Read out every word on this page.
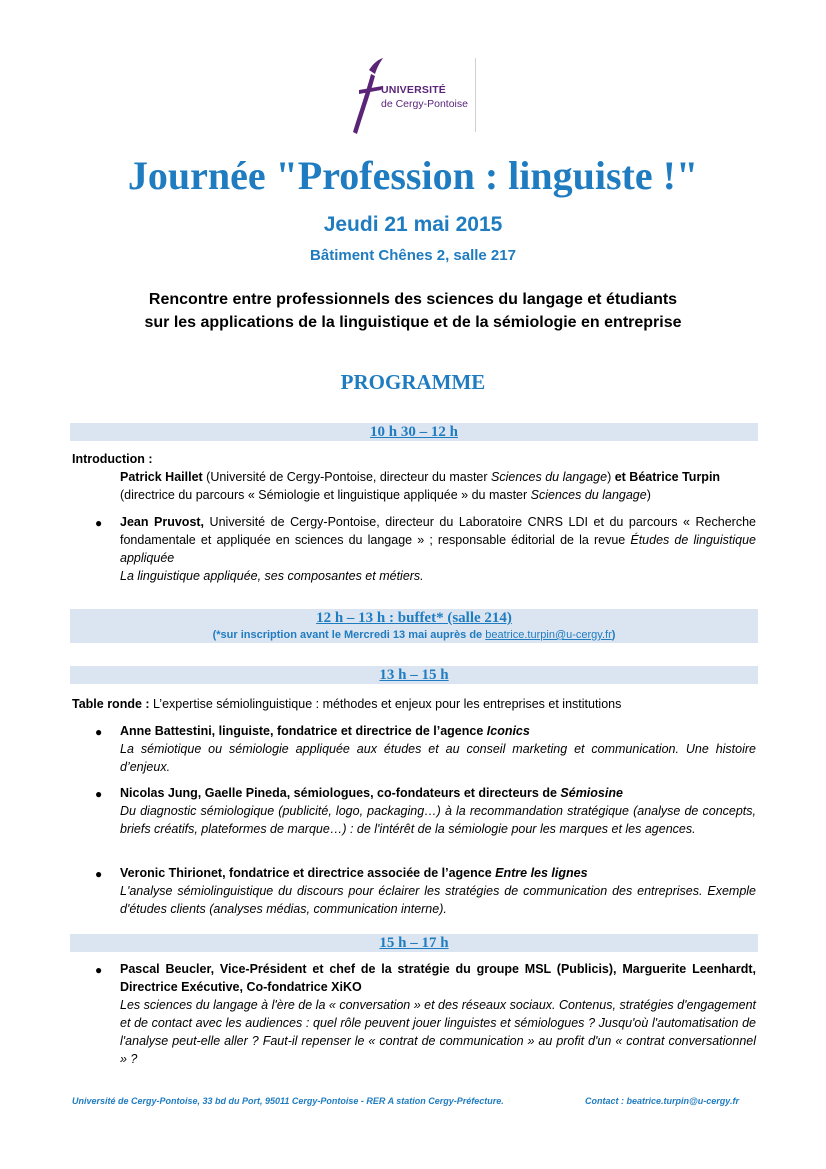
UNIVERSITÉ
de Cergy-Pontoise
Journée "Profession : linguiste !"
Jeudi 21 mai 2015
Bâtiment Chênes 2, salle 217
Rencontre entre professionnels des sciences du langage et étudiants
sur les applications de la linguistique et de la sémiologie en entreprise
PROGRAMME
10 h 30 – 12 h
Introduction :
Patrick Haillet (Université de Cergy-Pontoise, directeur du master Sciences du langage) et Béatrice Turpin
(directrice du parcours « Sémiologie et linguistique appliquée » du master Sciences du langage)
● Jean Pruvost, Université de Cergy-Pontoise, directeur du Laboratoire CNRS LDI et du parcours « Recherche fondamentale et appliquée en sciences du langage » ; responsable éditorial de la revue Études de linguistique appliquée
La linguistique appliquée, ses composantes et métiers.
12 h – 13 h : buffet* (salle 214)
(*sur inscription avant le Mercredi 13 mai auprès de beatrice.turpin@u-cergy.fr)
13 h – 15 h
Table ronde : L’expertise sémiolinguistique : méthodes et enjeux pour les entreprises et institutions
● Anne Battestini, linguiste, fondatrice et directrice de l’agence Iconics
La sémiotique ou sémiologie appliquée aux études et au conseil marketing et communication. Une histoire d’enjeux.
● Nicolas Jung, Gaelle Pineda, sémiologues, co-fondateurs et directeurs de Sémiosine
Du diagnostic sémiologique (publicité, logo, packaging…) à la recommandation stratégique (analyse de concepts, briefs créatifs, plateformes de marque…) : de l'intérêt de la sémiologie pour les marques et les agences.
● Veronic Thirionet, fondatrice et directrice associée de l’agence Entre les lignes
L'analyse sémiolinguistique du discours pour éclairer les stratégies de communication des entreprises. Exemple d'études clients (analyses médias, communication interne).
15 h – 17 h
● Pascal Beucler, Vice-Président et chef de la stratégie du groupe MSL (Publicis), Marguerite Leenhardt, Directrice Exécutive, Co-fondatrice XiKO
Les sciences du langage à l'ère de la « conversation » et des réseaux sociaux. Contenus, stratégies d'engagement et de contact avec les audiences : quel rôle peuvent jouer linguistes et sémiologues ? Jusqu'où l'automatisation de l'analyse peut-elle aller ? Faut-il repenser le « contrat de communication » au profit d'un « contrat conversationnel » ?
Université de Cergy-Pontoise, 33 bd du Port, 95011 Cergy-Pontoise - RER A station Cergy-Préfecture.	Contact : beatrice.turpin@u-cergy.fr
